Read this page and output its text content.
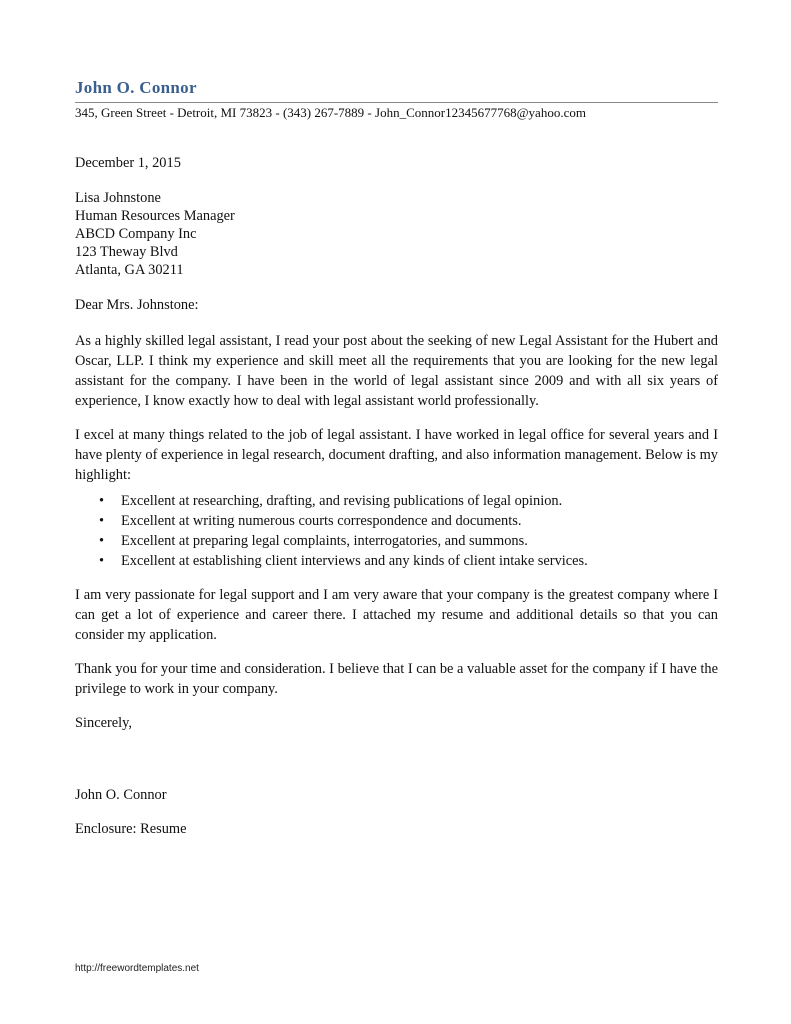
John O. Connor
345, Green Street - Detroit, MI 73823 - (343) 267-7889 - John_Connor12345677768@yahoo.com
December 1, 2015
Lisa Johnstone
Human Resources Manager
ABCD Company Inc
123 Theway Blvd
Atlanta, GA 30211
Dear Mrs. Johnstone:

As a highly skilled legal assistant, I read your post about the seeking of new Legal Assistant for the Hubert and Oscar, LLP. I think my experience and skill meet all the requirements that you are looking for the new legal assistant for the company. I have been in the world of legal assistant since 2009 and with all six years of experience, I know exactly how to deal with legal assistant world professionally.

I excel at many things related to the job of legal assistant. I have worked in legal office for several years and I have plenty of experience in legal research, document drafting, and also information management. Below is my highlight:

• Excellent at researching, drafting, and revising publications of legal opinion.
• Excellent at writing numerous courts correspondence and documents.
• Excellent at preparing legal complaints, interrogatories, and summons.
• Excellent at establishing client interviews and any kinds of client intake services.

I am very passionate for legal support and I am very aware that your company is the greatest company where I can get a lot of experience and career there. I attached my resume and additional details so that you can consider my application.

Thank you for your time and consideration. I believe that I can be a valuable asset for the company if I have the privilege to work in your company.

Sincerely,
John O. Connor
Enclosure: Resume
http://freewordtemplates.net
